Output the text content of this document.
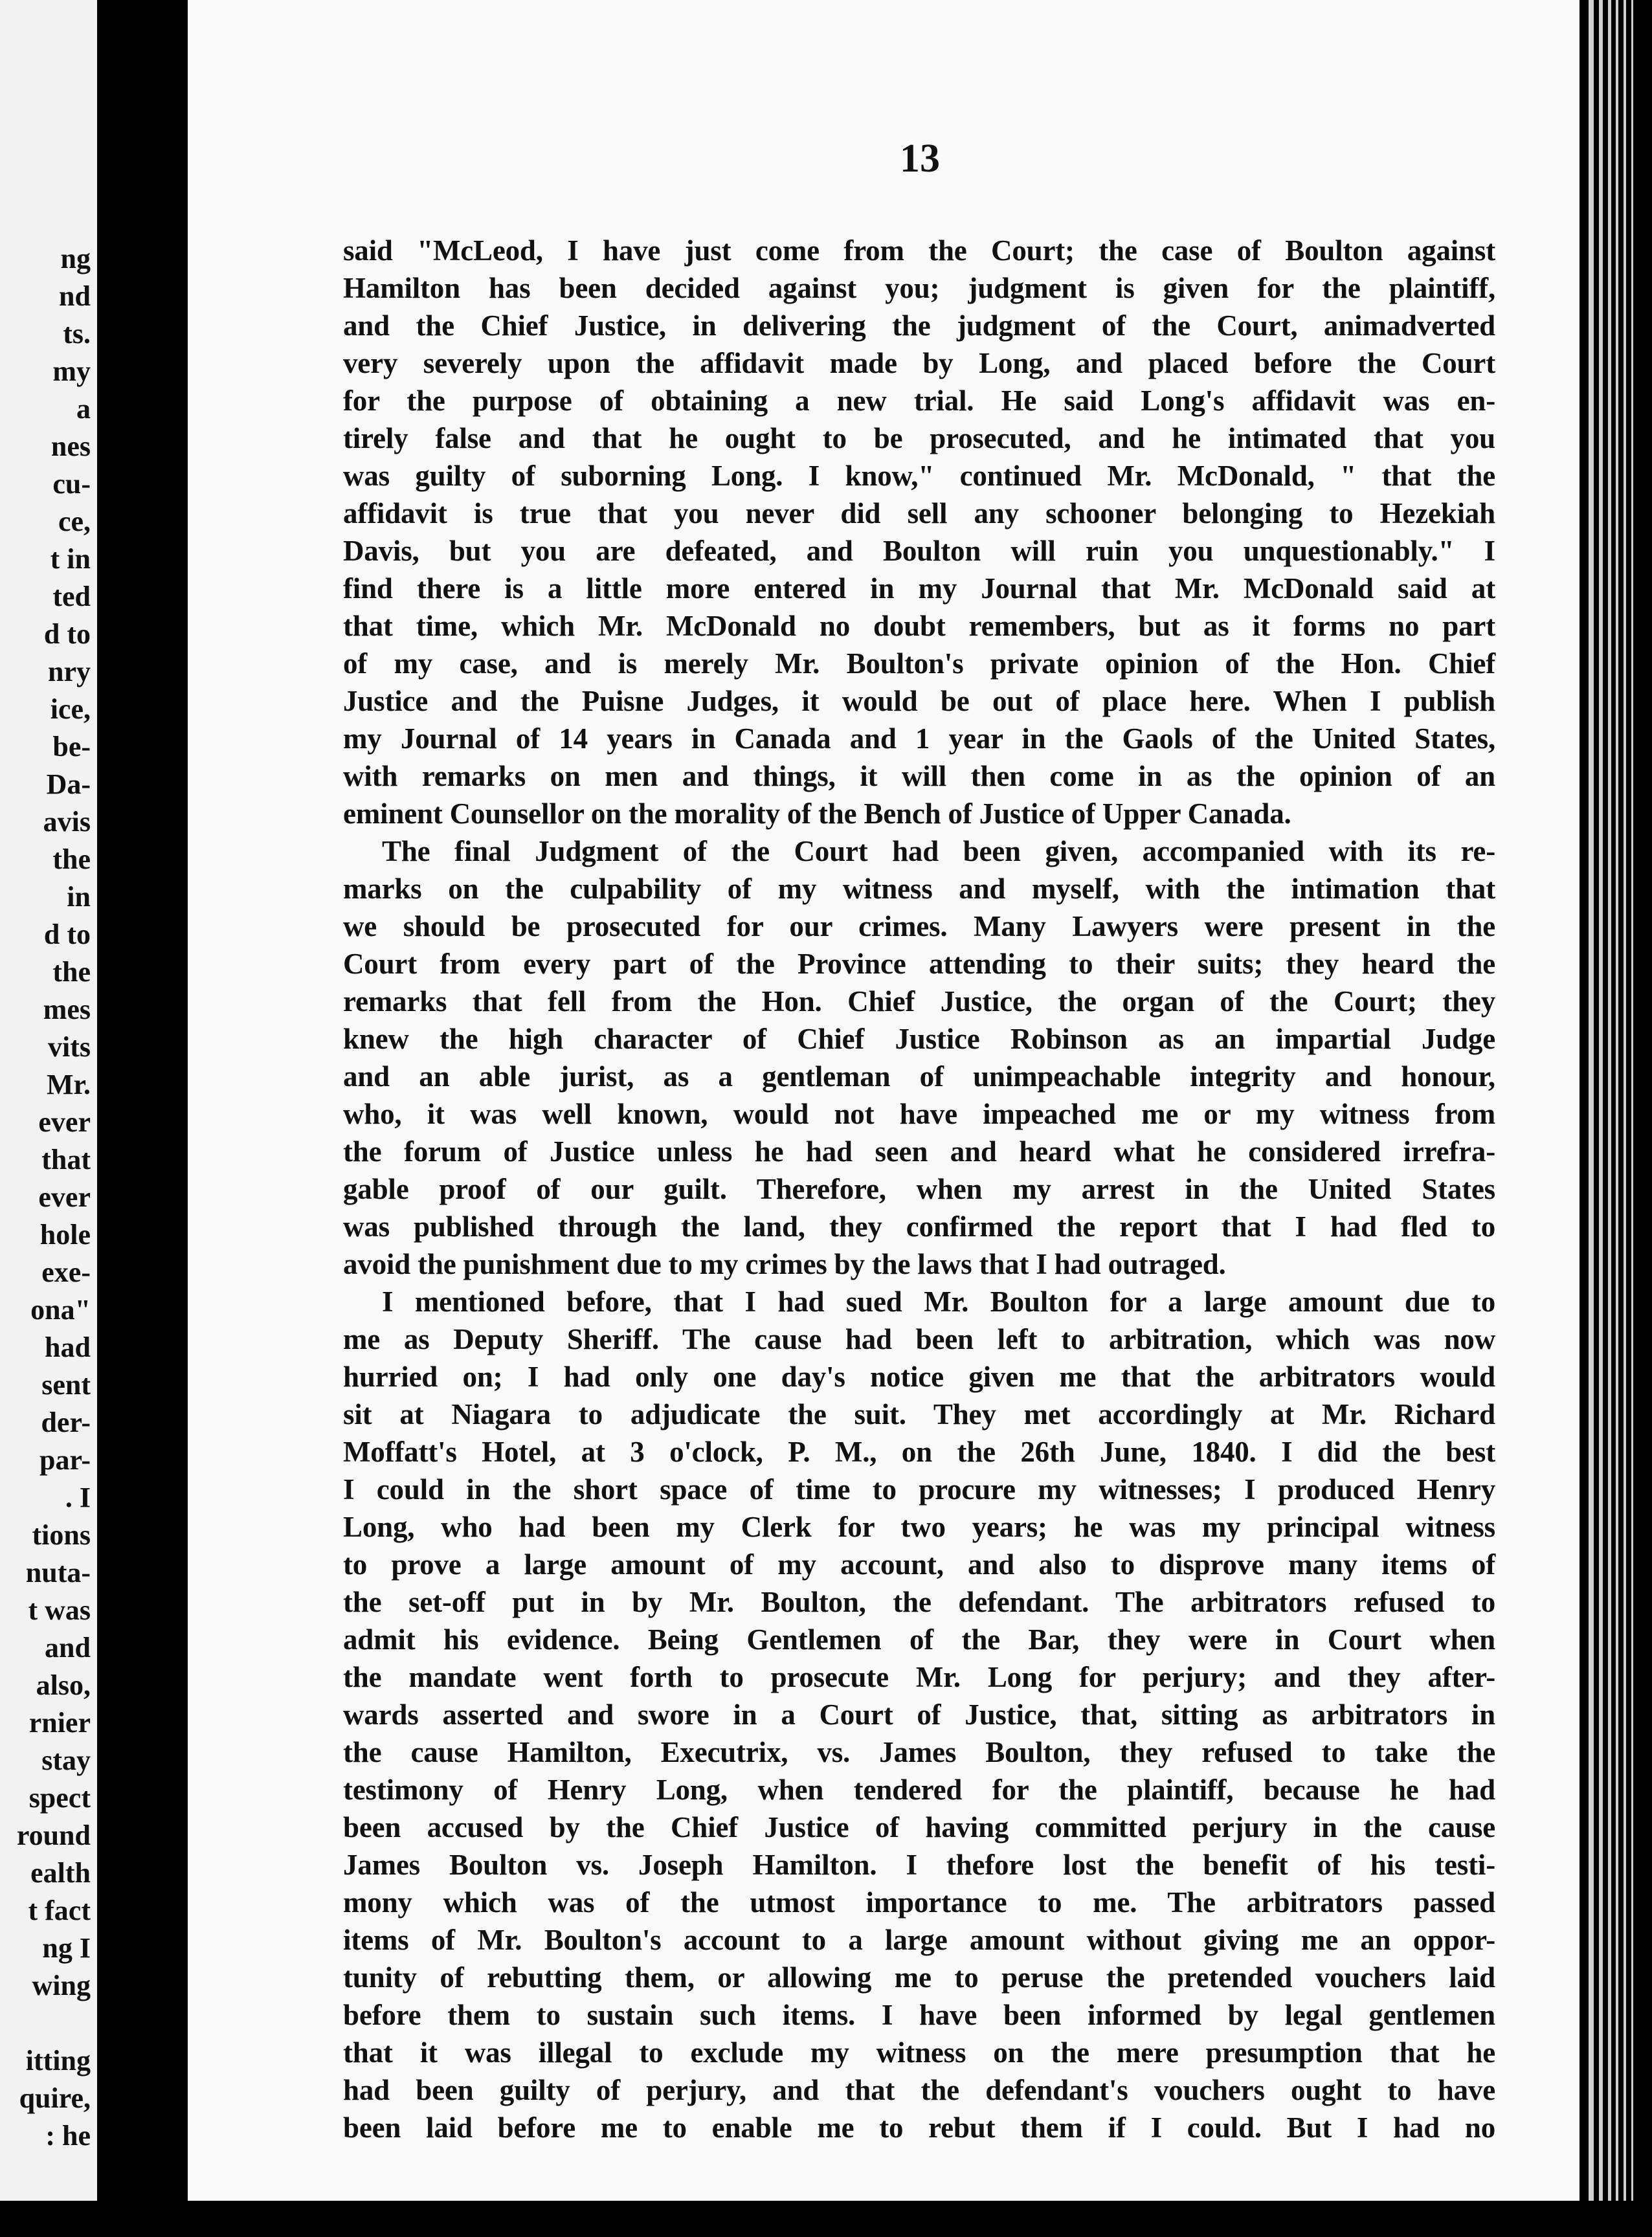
ng
nd
ts.
my
a
nes
cu-
ce,
t in
ted
d to
nry
ice,
be-
Da-
avis
the
in
d to
the
mes
vits
Mr.
ever
that
ever
hole
exe-
ona"
had
sent
der-
par-
. I
tions
nuta-
t was
and
also,
rnier
stay
spect
round
ealth
t fact
ng I
wing
itting
quire,
: he
13
said "McLeod, I have just come from the Court; the case of Boulton against
Hamilton has been decided against you; judgment is given for the plaintiff,
and the Chief Justice, in delivering the judgment of the Court, animadverted
very severely upon the affidavit made by Long, and placed before the Court
for the purpose of obtaining a new trial. He said Long's affidavit was en-
tirely false and that he ought to be prosecuted, and he intimated that you
was guilty of suborning Long. I know," continued Mr. McDonald, " that the
affidavit is true that you never did sell any schooner belonging to Hezekiah
Davis, but you are defeated, and Boulton will ruin you unquestionably." I
find there is a little more entered in my Journal that Mr. McDonald said at
that time, which Mr. McDonald no doubt remembers, but as it forms no part
of my case, and is merely Mr. Boulton's private opinion of the Hon. Chief
Justice and the Puisne Judges, it would be out of place here. When I publish
my Journal of 14 years in Canada and 1 year in the Gaols of the United States,
with remarks on men and things, it will then come in as the opinion of an
eminent Counsellor on the morality of the Bench of Justice of Upper Canada.
The final Judgment of the Court had been given, accompanied with its re-
marks on the culpability of my witness and myself, with the intimation that
we should be prosecuted for our crimes. Many Lawyers were present in the
Court from every part of the Province attending to their suits; they heard the
remarks that fell from the Hon. Chief Justice, the organ of the Court; they
knew the high character of Chief Justice Robinson as an impartial Judge
and an able jurist, as a gentleman of unimpeachable integrity and honour,
who, it was well known, would not have impeached me or my witness from
the forum of Justice unless he had seen and heard what he considered irrefra-
gable proof of our guilt. Therefore, when my arrest in the United States
was published through the land, they confirmed the report that I had fled to
avoid the punishment due to my crimes by the laws that I had outraged.
I mentioned before, that I had sued Mr. Boulton for a large amount due to
me as Deputy Sheriff. The cause had been left to arbitration, which was now
hurried on; I had only one day's notice given me that the arbitrators would
sit at Niagara to adjudicate the suit. They met accordingly at Mr. Richard
Moffatt's Hotel, at 3 o'clock, P. M., on the 26th June, 1840. I did the best
I could in the short space of time to procure my witnesses; I produced Henry
Long, who had been my Clerk for two years; he was my principal witness
to prove a large amount of my account, and also to disprove many items of
the set-off put in by Mr. Boulton, the defendant. The arbitrators refused to
admit his evidence. Being Gentlemen of the Bar, they were in Court when
the mandate went forth to prosecute Mr. Long for perjury; and they after-
wards asserted and swore in a Court of Justice, that, sitting as arbitrators in
the cause Hamilton, Executrix, vs. James Boulton, they refused to take the
testimony of Henry Long, when tendered for the plaintiff, because he had
been accused by the Chief Justice of having committed perjury in the cause
James Boulton vs. Joseph Hamilton. I thefore lost the benefit of his testi-
mony which was of the utmost importance to me. The arbitrators passed
items of Mr. Boulton's account to a large amount without giving me an oppor-
tunity of rebutting them, or allowing me to peruse the pretended vouchers laid
before them to sustain such items. I have been informed by legal gentlemen
that it was illegal to exclude my witness on the mere presumption that he
had been guilty of perjury, and that the defendant's vouchers ought to have
been laid before me to enable me to rebut them if I could. But I had no
